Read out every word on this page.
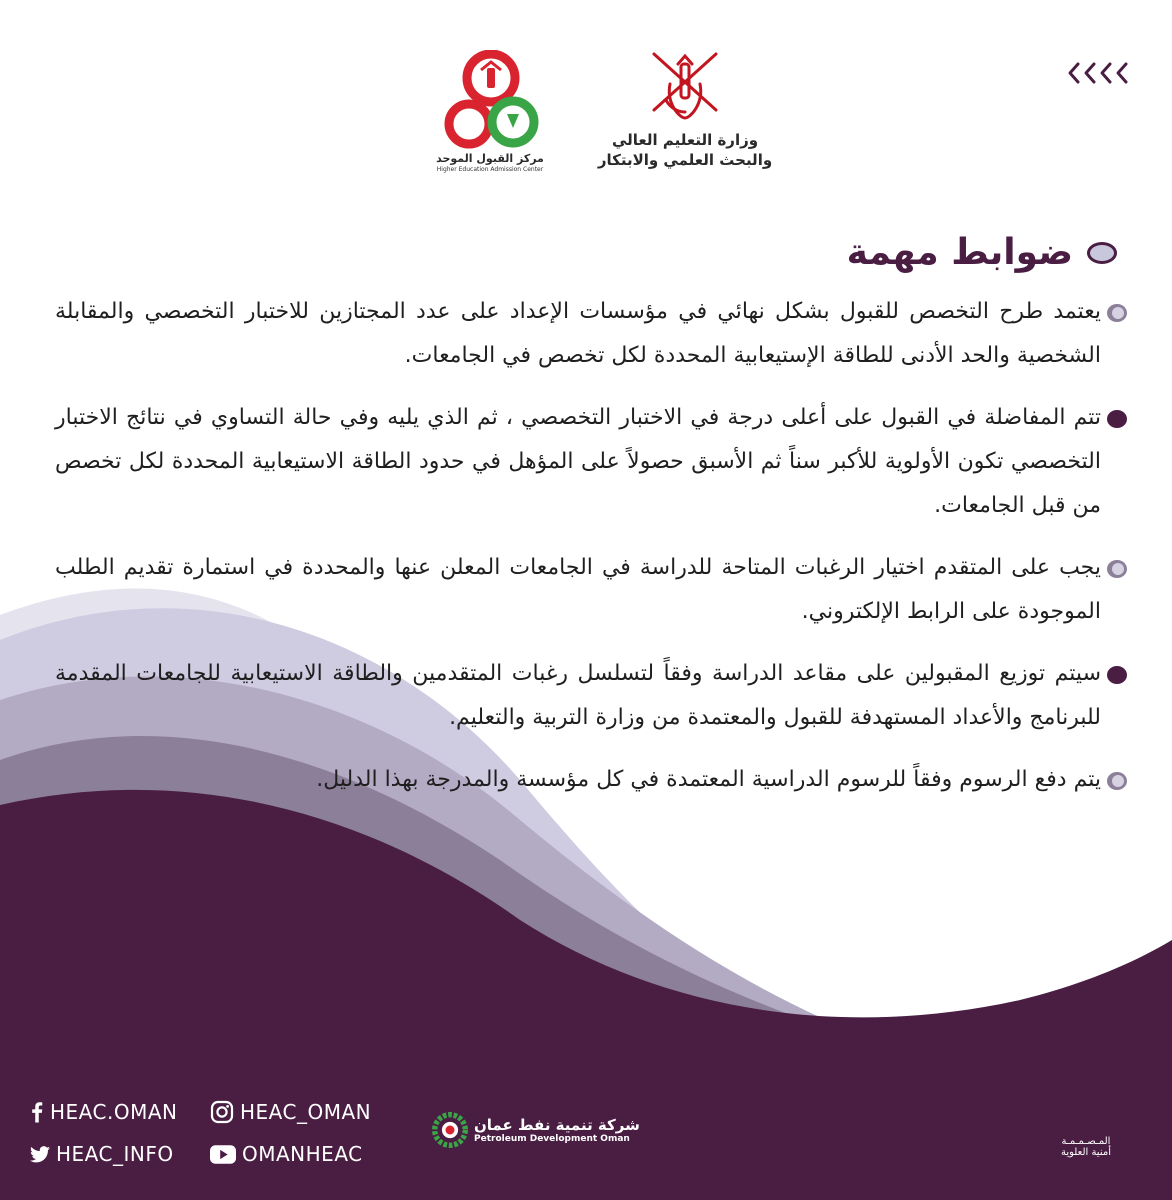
وزارة التعليم العالي
والبحث العلمي والابتكار
مركز القبول الموحد
Higher Education Admission Center
ضوابط مهمة
يعتمد طرح التخصص للقبول بشكل نهائي في مؤسسات الإعداد على عدد المجتازين للاختبار التخصصي والمقابلة الشخصية والحد الأدنى للطاقة الإستيعابية المحددة لكل تخصص في الجامعات.
تتم المفاضلة في القبول على أعلى درجة في الاختبار التخصصي ، ثم الذي يليه وفي حالة التساوي في نتائج الاختبار التخصصي تكون الأولوية للأكبر سناً ثم الأسبق حصولاً على المؤهل في حدود الطاقة الاستيعابية المحددة لكل تخصص من قبل الجامعات.
يجب على المتقدم اختيار الرغبات المتاحة للدراسة في الجامعات المعلن عنها والمحددة في استمارة تقديم الطلب الموجودة على الرابط الإلكتروني.
سيتم توزيع المقبولين على مقاعد الدراسة وفقاً لتسلسل رغبات المتقدمين والطاقة الاستيعابية للجامعات المقدمة للبرنامج والأعداد المستهدفة للقبول والمعتمدة من وزارة التربية والتعليم.
يتم دفع الرسوم وفقاً للرسوم الدراسية المعتمدة في كل مؤسسة والمدرجة بهذا الدليل.
HEAC.OMAN	HEAC_OMAN
HEAC_INFO	OMANHEAC
شركة تنمية نفط عمان
Petroleum Development Oman	المـصـمـمـة
أمنية العلوية
